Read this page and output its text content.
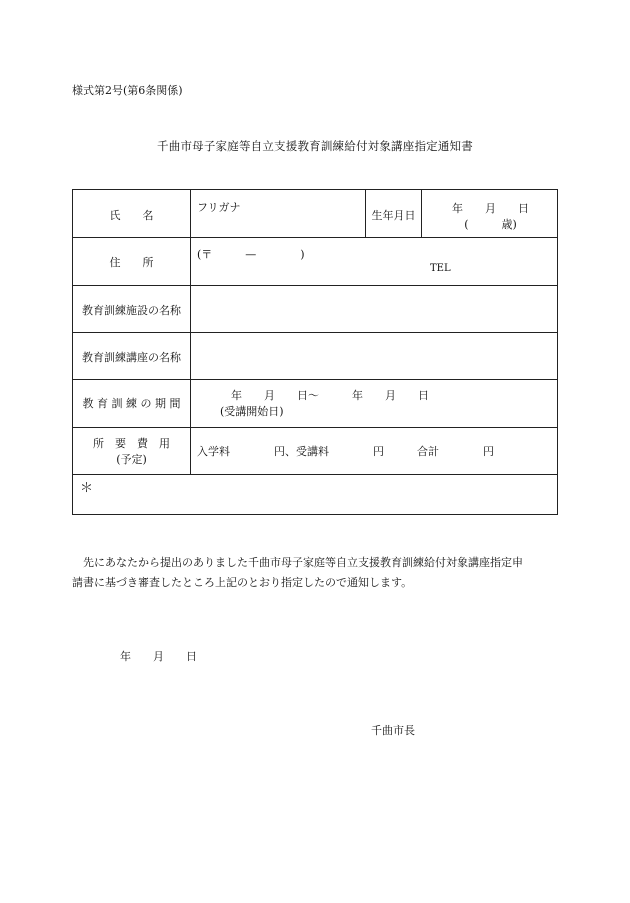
様式第2号(第6条関係)
千曲市母子家庭等自立支援教育訓練給付対象講座指定通知書
氏　　名
フリガナ
生年月日
年　　月　　日
(　　　歳)
住　　所
(〒　　　—　　　　)
TEL
教育訓練施設の名称
教育訓練講座の名称
教 育 訓 練 の 期 間
年　　月　　日～　　　年　　月　　日
(受講開始日)
所　要　費　用
(予定)
入学料　　　　円、受講料　　　　円　　　合計　　　　円
＊

先にあなたから提出のありました千曲市母子家庭等自立支援教育訓練給付対象講座指定申

請書に基づき審査したところ上記のとおり指定したので通知します。

年　　月　　日
千曲市長
